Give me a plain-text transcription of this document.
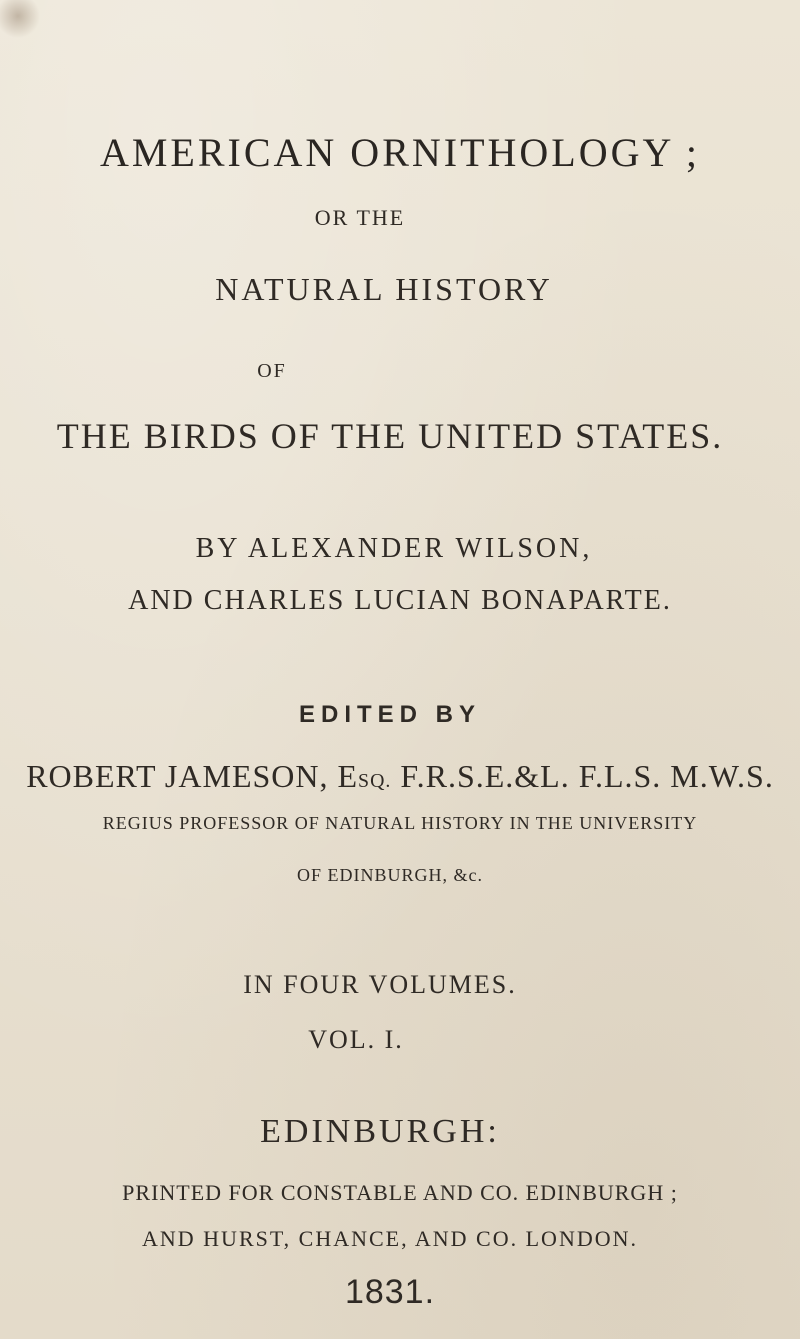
AMERICAN ORNITHOLOGY ;
OR THE
NATURAL HISTORY
OF
THE BIRDS OF THE UNITED STATES.
BY ALEXANDER WILSON,
AND CHARLES LUCIAN BONAPARTE.
EDITED BY
ROBERT JAMESON, ESQ. F.R.S.E.&L. F.L.S. M.W.S.
REGIUS PROFESSOR OF NATURAL HISTORY IN THE UNIVERSITY
OF EDINBURGH, &c.
IN FOUR VOLUMES.
VOL. I.
EDINBURGH:
PRINTED FOR CONSTABLE AND CO. EDINBURGH ;
AND HURST, CHANCE, AND CO. LONDON.
1831.
